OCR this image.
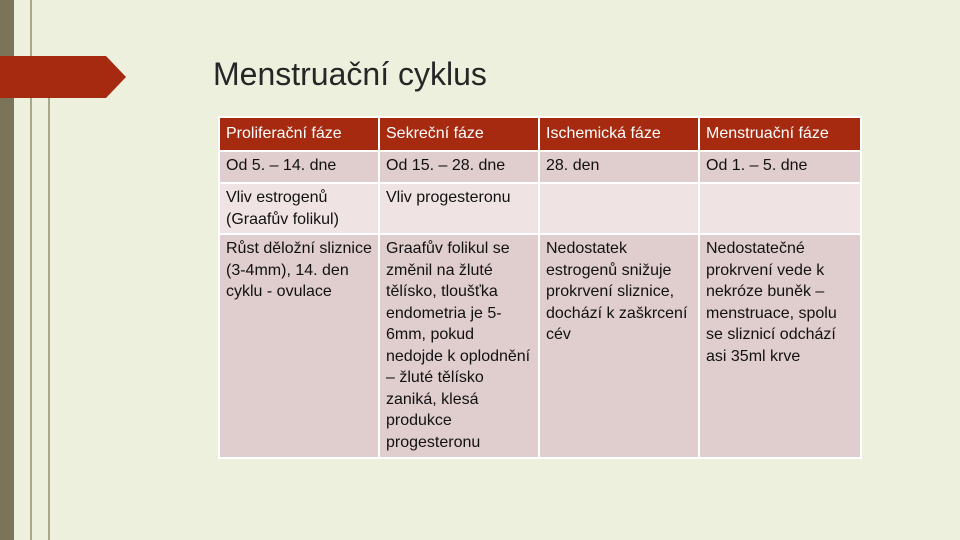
Menstruační cyklus
Proliferační fáze	Sekreční fáze	Ischemická fáze	Menstruační fáze
Od 5. – 14. dne	Od 15. – 28. dne	28. den	Od 1. – 5. dne
Vliv estrogenů (Graafův folikul)	Vliv progesteronu		
Růst děložní sliznice (3-4mm), 14. den cyklu - ovulace	Graafův folikul se změnil na žluté tělísko, tloušťka endometria je 5-6mm, pokud nedojde k oplodnění – žluté tělísko zaniká, klesá produkce progesteronu	Nedostatek estrogenů snižuje prokrvení sliznice, dochází k zaškrcení cév	Nedostatečné prokrvení vede k nekróze buněk – menstruace, spolu se sliznicí odchází asi 35ml krve
